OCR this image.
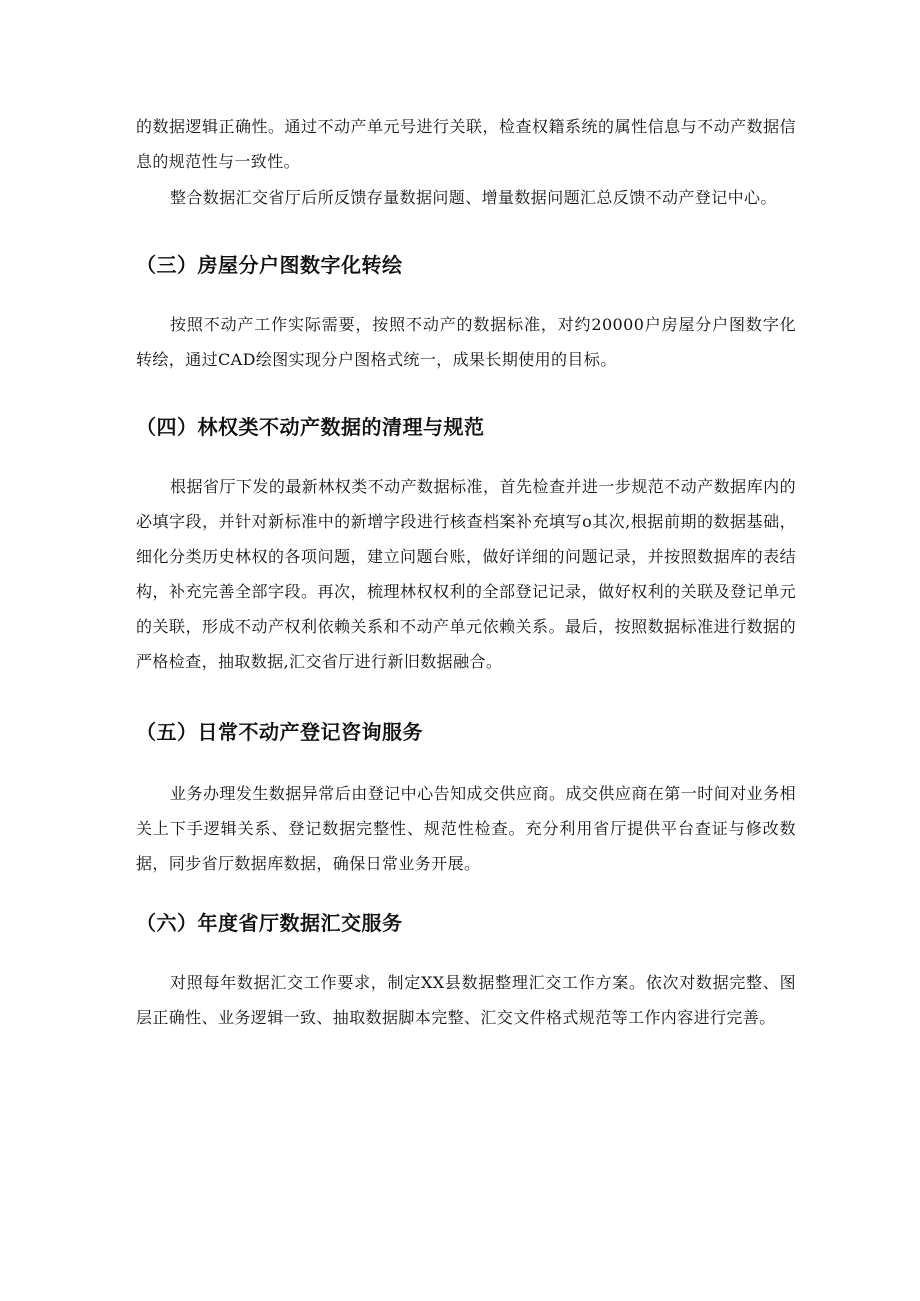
的数据逻辑正确性。通过不动产单元号进行关联，检查权籍系统的属性信息与不动产数据信息的规范性与一致性。

整合数据汇交省厅后所反馈存量数据问题、增量数据问题汇总反馈不动产登记中心。

（三）房屋分户图数字化转绘

按照不动产工作实际需要，按照不动产的数据标准，对约20000户房屋分户图数字化转绘，通过CAD绘图实现分户图格式统一，成果长期使用的目标。

（四）林权类不动产数据的清理与规范

根据省厅下发的最新林权类不动产数据标准，首先检查并进一步规范不动产数据库内的必填字段，并针对新标准中的新增字段进行核查档案补充填写o其次,根据前期的数据基础，细化分类历史林权的各项问题，建立问题台账，做好详细的问题记录，并按照数据库的表结构，补充完善全部字段。再次，梳理林权权利的全部登记记录，做好权利的关联及登记单元的关联，形成不动产权利依赖关系和不动产单元依赖关系。最后，按照数据标准进行数据的严格检查，抽取数据,汇交省厅进行新旧数据融合。

（五）日常不动产登记咨询服务

业务办理发生数据异常后由登记中心告知成交供应商。成交供应商在第一时间对业务相关上下手逻辑关系、登记数据完整性、规范性检查。充分利用省厅提供平台查证与修改数据，同步省厅数据库数据，确保日常业务开展。

（六）年度省厅数据汇交服务

对照每年数据汇交工作要求，制定XX县数据整理汇交工作方案。依次对数据完整、图层正确性、业务逻辑一致、抽取数据脚本完整、汇交文件格式规范等工作内容进行完善。
